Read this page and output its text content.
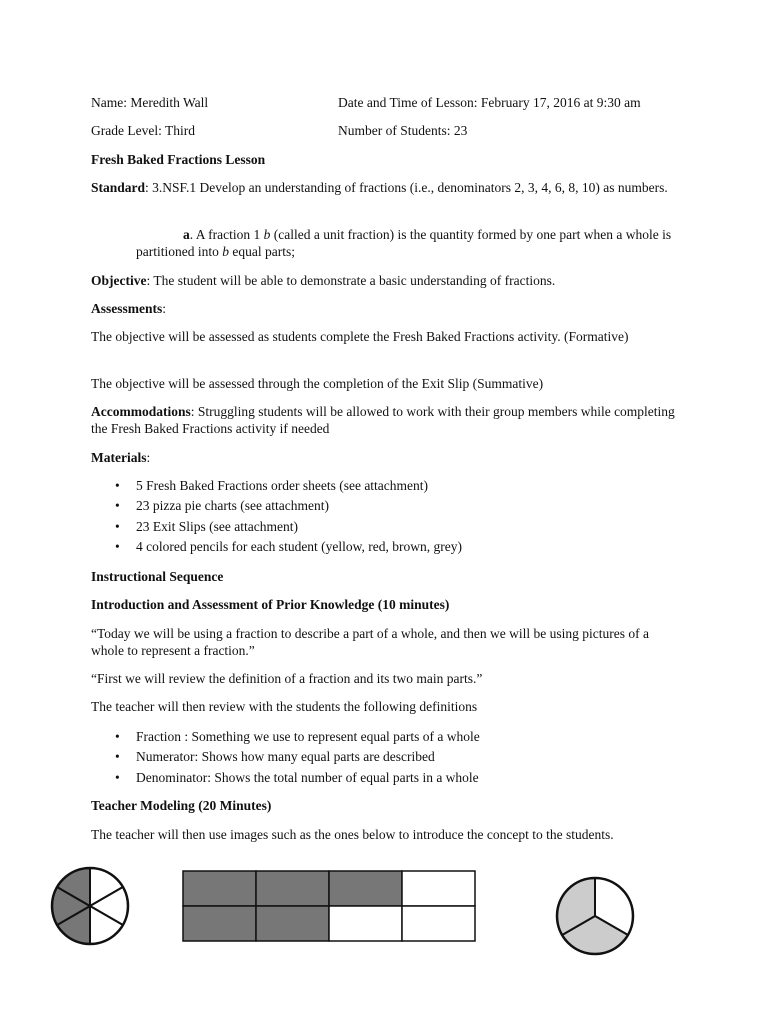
Name: Meredith Wall	Date and Time of Lesson: February 17, 2016 at 9:30 am
Grade Level: Third	Number of Students: 23
Fresh Baked Fractions Lesson
Standard: 3.NSF.1 Develop an understanding of fractions (i.e., denominators 2, 3, 4, 6, 8, 10) as numbers.
a. A fraction 1 b (called a unit fraction) is the quantity formed by one part when a whole is partitioned into b equal parts;
Objective: The student will be able to demonstrate a basic understanding of fractions.
Assessments:
The objective will be assessed as students complete the Fresh Baked Fractions activity. (Formative)
The objective will be assessed through the completion of the Exit Slip (Summative)
Accommodations: Struggling students will be allowed to work with their group members while completing the Fresh Baked Fractions activity if needed
Materials:
• 5 Fresh Baked Fractions order sheets (see attachment)
• 23 pizza pie charts (see attachment)
• 23 Exit Slips (see attachment)
• 4 colored pencils for each student (yellow, red, brown, grey)
Instructional Sequence
Introduction and Assessment of Prior Knowledge (10 minutes)
“Today we will be using a fraction to describe a part of a whole, and then we will be using pictures of a whole to represent a fraction.”
“First we will review the definition of a fraction and its two main parts.”
The teacher will then review with the students the following definitions
• Fraction : Something we use to represent equal parts of a whole
• Numerator: Shows how many equal parts are described
• Denominator: Shows the total number of equal parts in a whole
Teacher Modeling (20 Minutes)
The teacher will then use images such as the ones below to introduce the concept to the students.
